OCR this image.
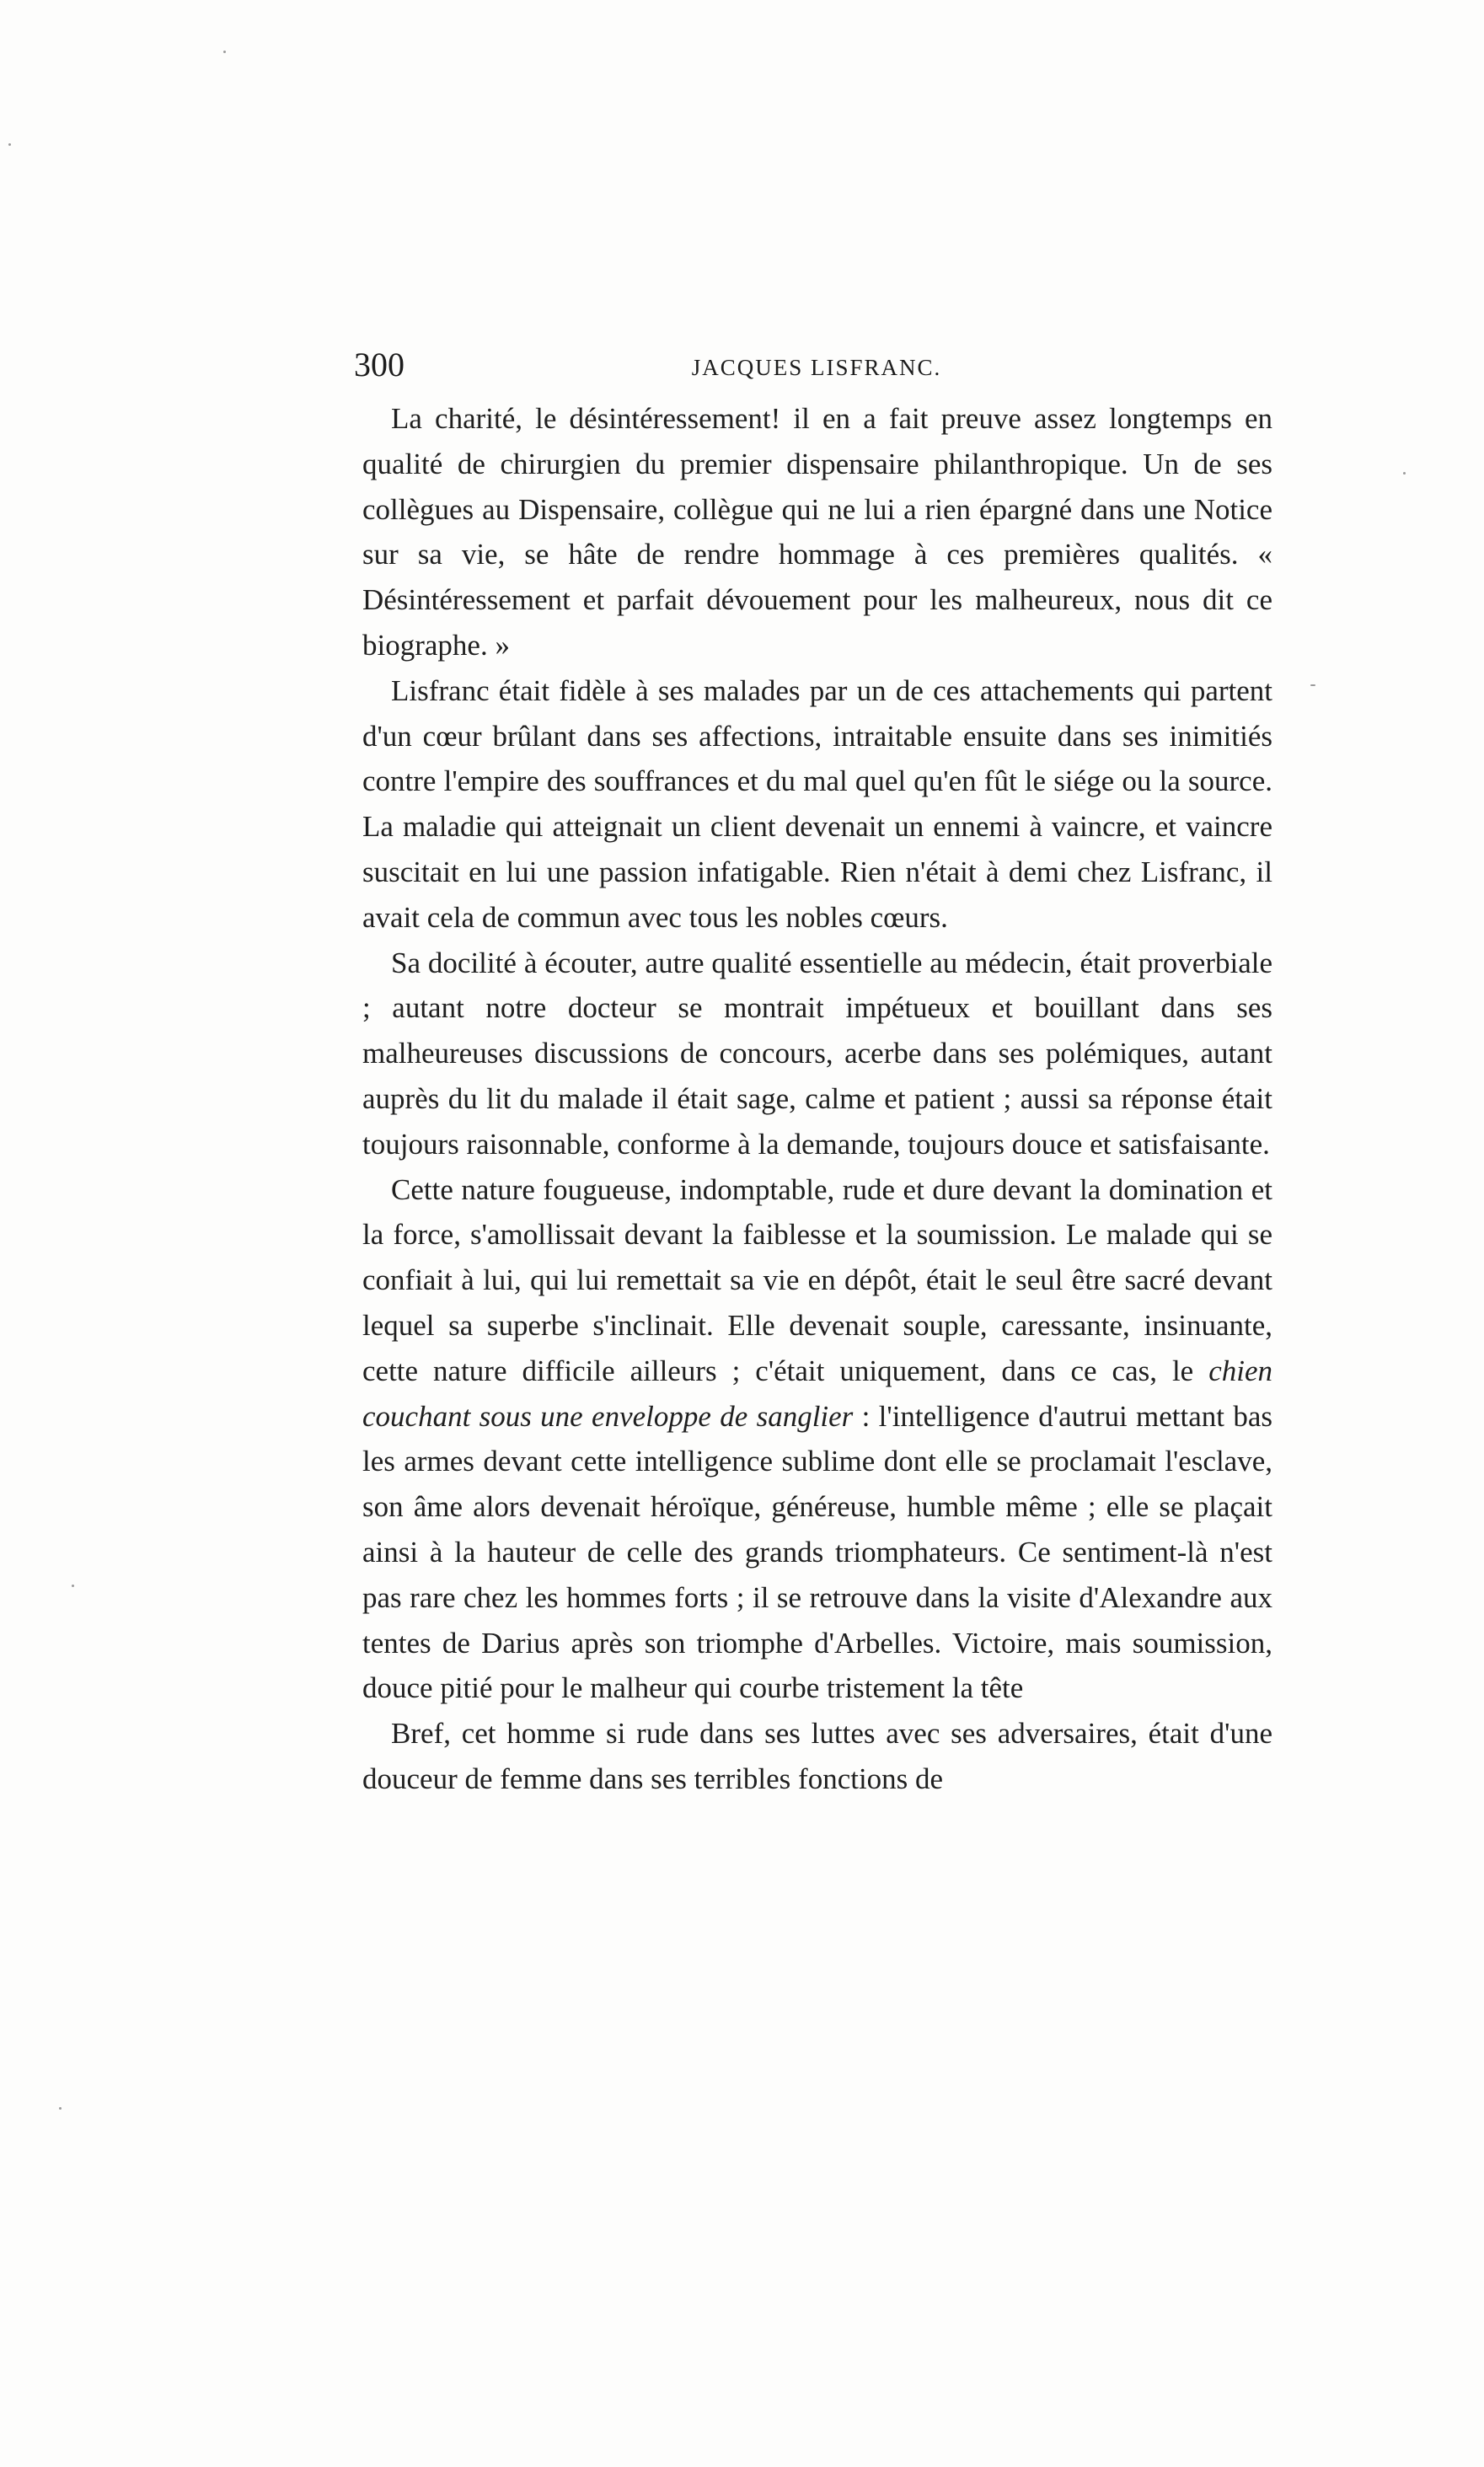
300	JACQUES LISFRANC.

La charité, le désintéressement! il en a fait preuve assez longtemps en qualité de chirurgien du premier dispensaire philanthropique. Un de ses collègues au Dispensaire, collègue qui ne lui a rien épargné dans une Notice sur sa vie, se hâte de rendre hommage à ces premières qualités. « Désintéressement et parfait dévouement pour les malheureux, nous dit ce biographe. »

Lisfranc était fidèle à ses malades par un de ces attachements qui partent d'un cœur brûlant dans ses affections, intraitable ensuite dans ses inimitiés contre l'empire des souffrances et du mal quel qu'en fût le siége ou la source. La maladie qui atteignait un client devenait un ennemi à vaincre, et vaincre suscitait en lui une passion infatigable. Rien n'était à demi chez Lisfranc, il avait cela de commun avec tous les nobles cœurs.

Sa docilité à écouter, autre qualité essentielle au médecin, était proverbiale ; autant notre docteur se montrait impétueux et bouillant dans ses malheureuses discussions de concours, acerbe dans ses polémiques, autant auprès du lit du malade il était sage, calme et patient ; aussi sa réponse était toujours raisonnable, conforme à la demande, toujours douce et satisfaisante.

Cette nature fougueuse, indomptable, rude et dure devant la domination et la force, s'amollissait devant la faiblesse et la soumission. Le malade qui se confiait à lui, qui lui remettait sa vie en dépôt, était le seul être sacré devant lequel sa superbe s'inclinait. Elle devenait souple, caressante, insinuante, cette nature difficile ailleurs ; c'était uniquement, dans ce cas, le chien couchant sous une enveloppe de sanglier : l'intelligence d'autrui mettant bas les armes devant cette intelligence sublime dont elle se proclamait l'esclave, son âme alors devenait héroïque, généreuse, humble même ; elle se plaçait ainsi à la hauteur de celle des grands triomphateurs. Ce sentiment-là n'est pas rare chez les hommes forts ; il se retrouve dans la visite d'Alexandre aux tentes de Darius après son triomphe d'Arbelles. Victoire, mais soumission, douce pitié pour le malheur qui courbe tristement la tête

Bref, cet homme si rude dans ses luttes avec ses adversaires, était d'une douceur de femme dans ses terribles fonctions de
